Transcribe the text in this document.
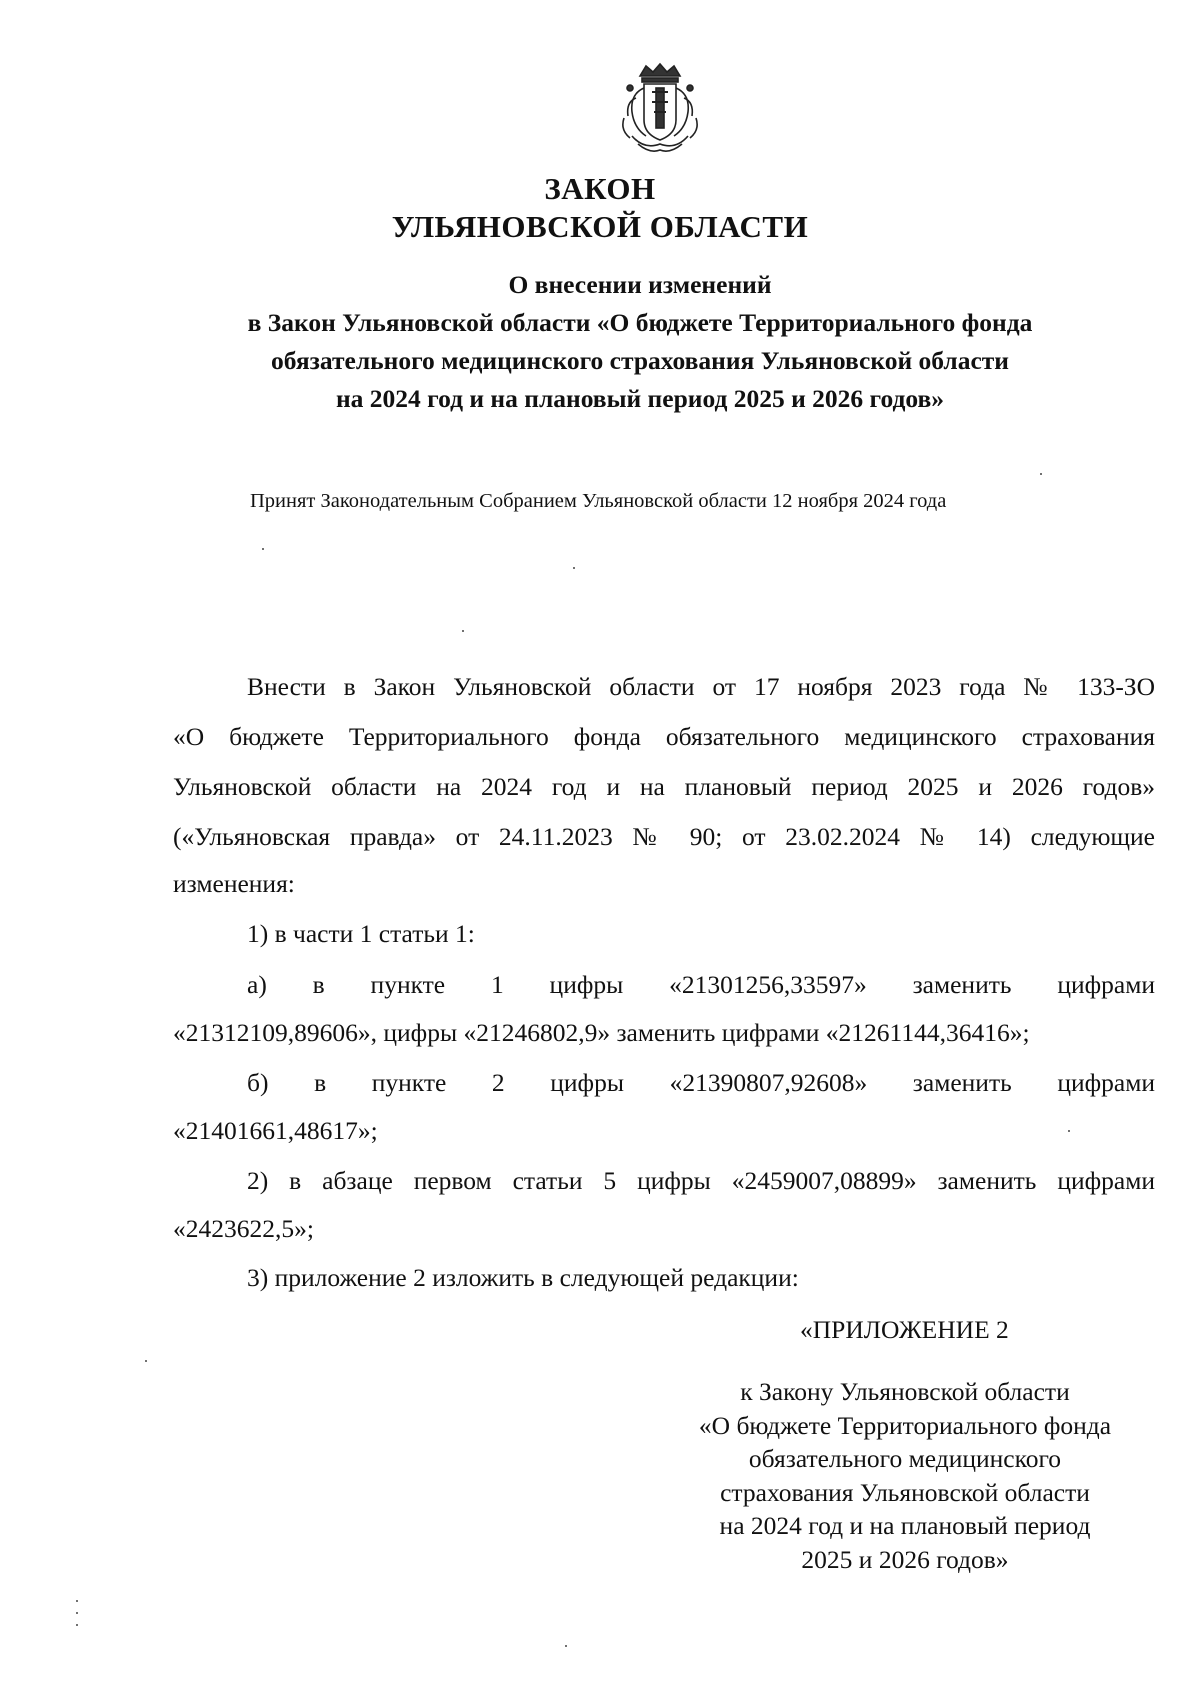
ЗАКОН
УЛЬЯНОВСКОЙ ОБЛАСТИ
О внесении изменений
в Закон Ульяновской области «О бюджете Территориального фонда
обязательного медицинского страхования Ульяновской области
на 2024 год и на плановый период 2025 и 2026 годов»
Принят Законодательным Собранием Ульяновской области 12 ноября 2024 года
Внести в Закон Ульяновской области от 17 ноября 2023 года № 133-ЗО
«О бюджете Территориального фонда обязательного медицинского страхования
Ульяновской области на 2024 год и на плановый период 2025 и 2026 годов»
(«Ульяновская правда» от 24.11.2023 № 90; от 23.02.2024 № 14) следующие
изменения:
1) в части 1 статьи 1:
а) в пункте 1 цифры «21301256,33597» заменить цифрами
«21312109,89606», цифры «21246802,9» заменить цифрами «21261144,36416»;
б) в пункте 2 цифры «21390807,92608» заменить цифрами
«21401661,48617»;
2) в абзаце первом статьи 5 цифры «2459007,08899» заменить цифрами
«2423622,5»;
3) приложение 2 изложить в следующей редакции:
«ПРИЛОЖЕНИЕ 2
к Закону Ульяновской области
«О бюджете Территориального фонда
обязательного медицинского
страхования Ульяновской области
на 2024 год и на плановый период
2025 и 2026 годов»
